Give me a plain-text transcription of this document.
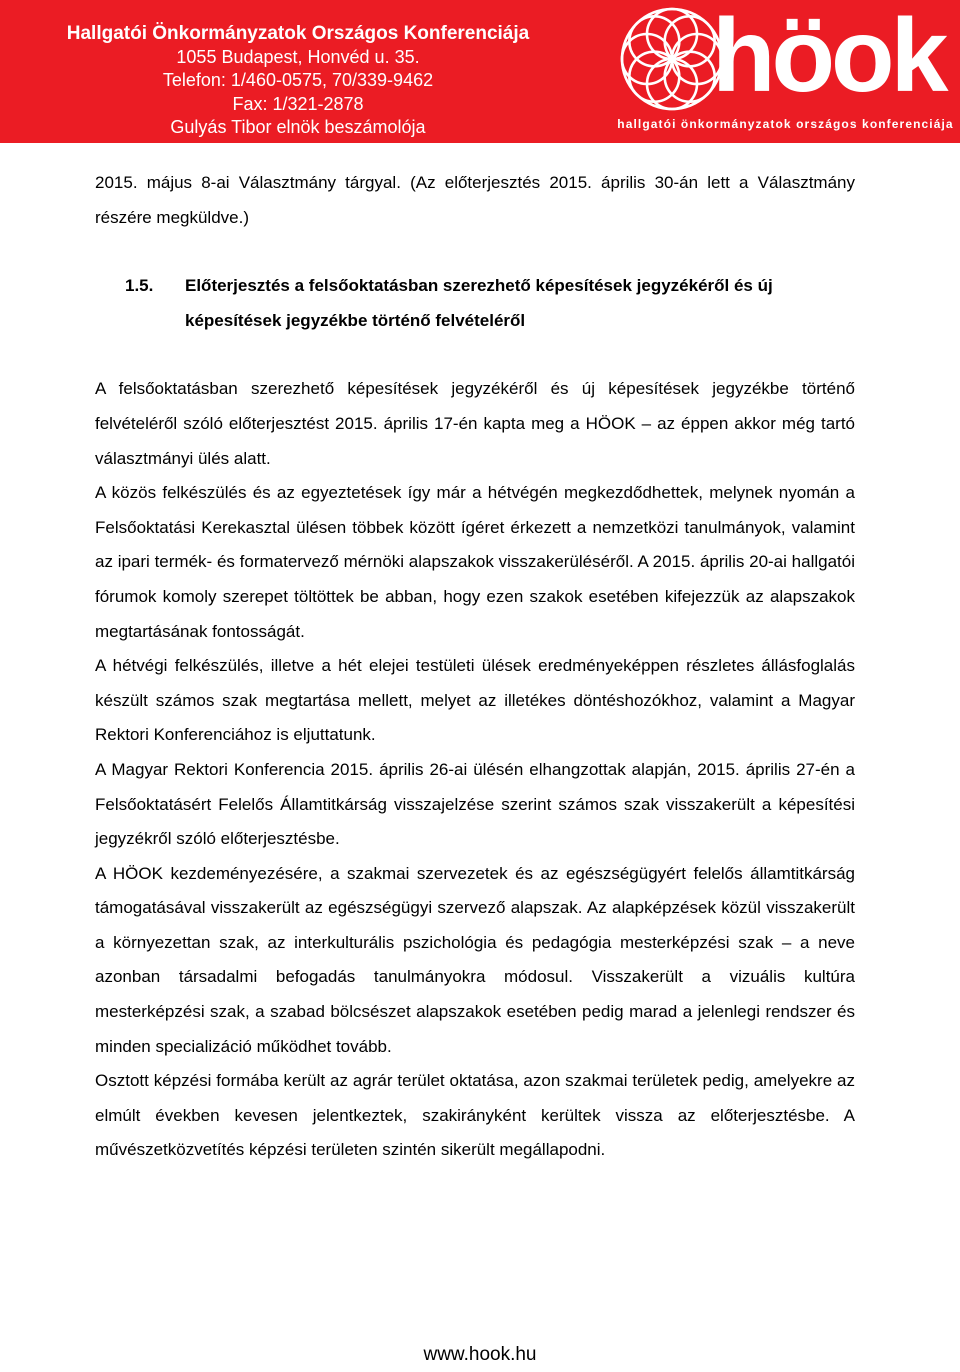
Hallgatói Önkormányzatok Országos Konferenciája
1055 Budapest, Honvéd u. 35.
Telefon: 1/460-0575, 70/339-9462
Fax: 1/321-2878
Gulyás Tibor elnök beszámolója
höok
hallgatói önkormányzatok országos konferenciája

2015. május 8-ai Választmány tárgyal. (Az előterjesztés 2015. április 30-án lett a Választmány részére megküldve.)

1.5.	Előterjesztés a felsőoktatásban szerezhető képesítések jegyzékéről és új képesítések jegyzékbe történő felvételéről

A felsőoktatásban szerezhető képesítések jegyzékéről és új képesítések jegyzékbe történő felvételéről szóló előterjesztést 2015. április 17-én kapta meg a HÖOK – az éppen akkor még tartó választmányi ülés alatt.

A közös felkészülés és az egyeztetések így már a hétvégén megkezdődhettek, melynek nyomán a Felsőoktatási Kerekasztal ülésen többek között ígéret érkezett a nemzetközi tanulmányok, valamint az ipari termék- és formatervező mérnöki alapszakok visszakerüléséről. A 2015. április 20-ai hallgatói fórumok komoly szerepet töltöttek be abban, hogy ezen szakok esetében kifejezzük az alapszakok megtartásának fontosságát.

A hétvégi felkészülés, illetve a hét elejei testületi ülések eredményeképpen részletes állásfoglalás készült számos szak megtartása mellett, melyet az illetékes döntéshozókhoz, valamint a Magyar Rektori Konferenciához is eljuttatunk.

A Magyar Rektori Konferencia 2015. április 26-ai ülésén elhangzottak alapján, 2015. április 27-én a Felsőoktatásért Felelős Államtitkárság visszajelzése szerint számos szak visszakerült a képesítési jegyzékről szóló előterjesztésbe.

A HÖOK kezdeményezésére, a szakmai szervezetek és az egészségügyért felelős államtitkárság támogatásával visszakerült az egészségügyi szervező alapszak. Az alapképzések közül visszakerült a környezettan szak, az interkulturális pszichológia és pedagógia mesterképzési szak – a neve azonban társadalmi befogadás tanulmányokra módosul. Visszakerült a vizuális kultúra mesterképzési szak, a szabad bölcsészet alapszakok esetében pedig marad a jelenlegi rendszer és minden specializáció működhet tovább.

Osztott képzési formába került az agrár terület oktatása, azon szakmai területek pedig, amelyekre az elmúlt években kevesen jelentkeztek, szakirányként kerültek vissza az előterjesztésbe. A művészetközvetítés képzési területen szintén sikerült megállapodni.

www.hook.hu
